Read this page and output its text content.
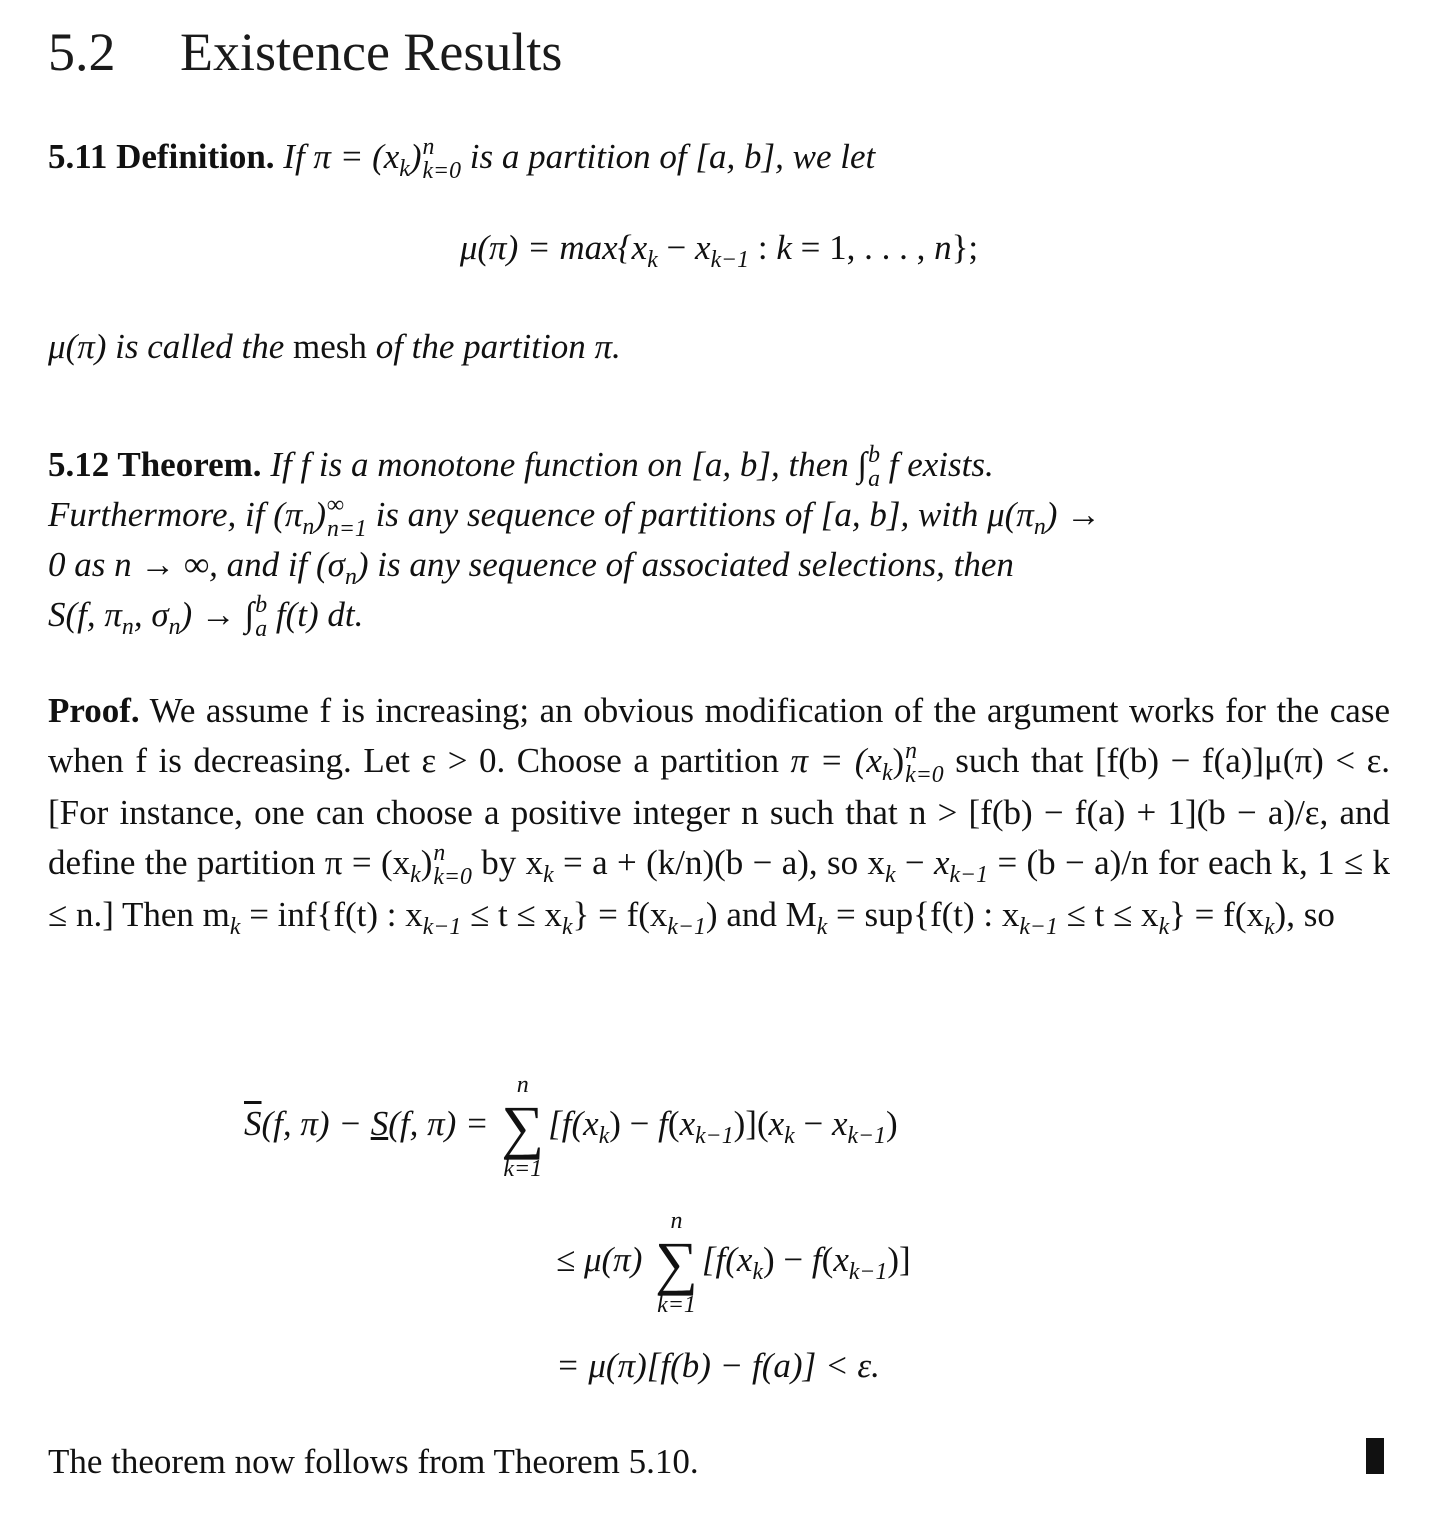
5.2 Existence Results
5.11 Definition. If $\pi = (x_k)$ n
k=0 is a partition of [a, b], we let
$\mu(\pi) = \max\{x_k - x_{k-1}$ : k = 1, . . . , n};
μ(π) is called the mesh of the partition π.
5.12 Theorem. If f is a monotone function on [a, b], then ∫ b
a f exists.
Furthermore, if $(\pi_n)$ ∞
n=1 is any sequence of partitions of [a, b], with $\mu(\pi_n)$ →
0 as n → ∞, and if $(\sigma_n)$ is any sequence of associated selections, then
S(f, $\pi_n$, $\sigma_n$) → ∫ b
a f(t) dt.
Proof. We assume f is increasing; an obvious modification of the argument works for the case when f is decreasing. Let ε > 0. Choose a partition $\pi = (x_k)$ n
k=0 such that [f(b) − f(a)]μ(π) < ε. [For instance, one can choose a positive integer n such that n > [f(b) − f(a) + 1](b − a)/ε, and define the partition $\pi = (x_k)$ n
k=0 by $x_k = a + (k/n)(b - a)$, so $x_k - x_{k-1} = (b - a)/n$ for each k, 1 ≤ k ≤ n.] Then $m_k = inf\{f(t)$ : $x_{k-1} \le t \le x_k\} = f(x_{k-1})$ and $M_k = sup\{f(t)$ : $x_{k-1} \le t \le x_k\} = f(x_k)$, so
$\overline{S}(f$, π) − S(f, π) =
n
∑
k=1
$[f(x_k) - f(x_{k-1})](x_k - x_{k-1})$
≤ μ(π)
n
∑
k=1
$[f(x_k) - f(x_{k-1})]$
= μ(π)[f(b) − f(a)] < ε.
The theorem now follows from Theorem 5.10.
